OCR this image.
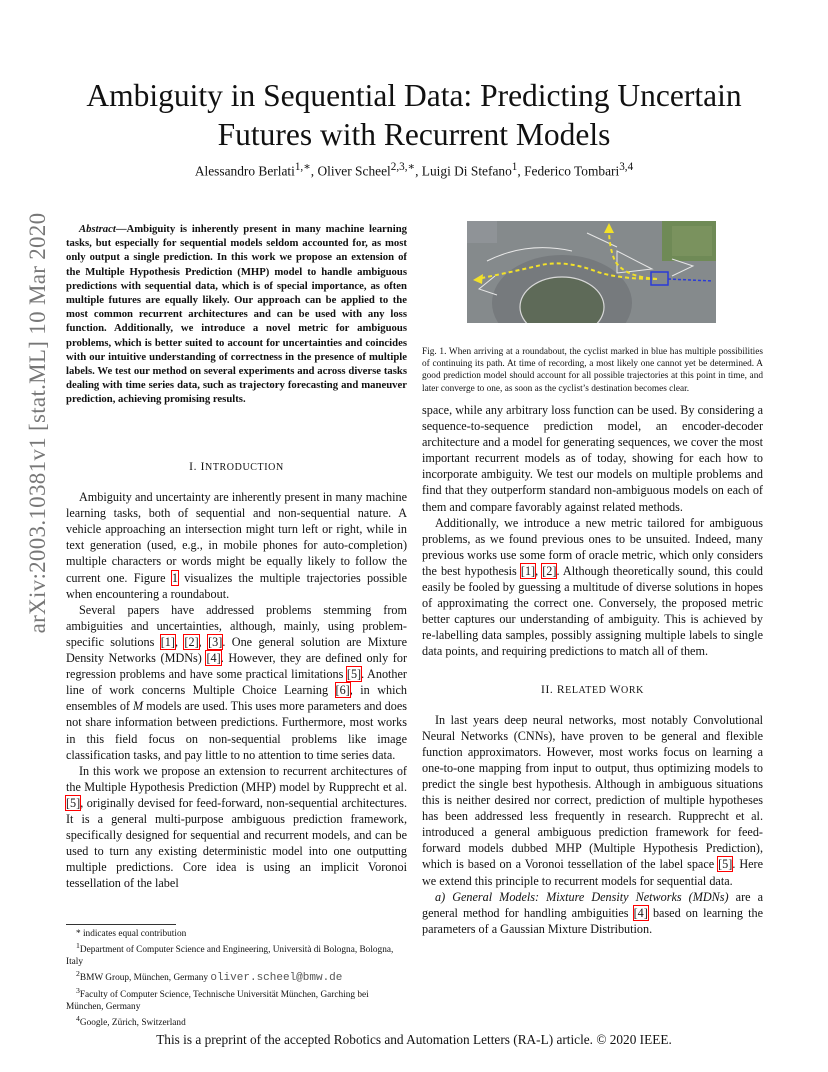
arXiv:2003.10381v1 [stat.ML] 10 Mar 2020
Ambiguity in Sequential Data: Predicting Uncertain Futures with Recurrent Models
Alessandro Berlati$^{1,∗}$, Oliver Scheel$^{2,3,∗}$, Luigi Di Stefano$^1$, Federico Tombari$^{3,4}$

Abstract—Ambiguity is inherently present in many machine learning tasks, but especially for sequential models seldom accounted for, as most only output a single prediction. In this work we propose an extension of the Multiple Hypothesis Prediction (MHP) model to handle ambiguous predictions with sequential data, which is of special importance, as often multiple futures are equally likely. Our approach can be applied to the most common recurrent architectures and can be used with any loss function. Additionally, we introduce a novel metric for ambiguous problems, which is better suited to account for uncertainties and coincides with our intuitive understanding of correctness in the presence of multiple labels. We test our method on several experiments and across diverse tasks dealing with time series data, such as trajectory forecasting and maneuver prediction, achieving promising results.

I. INTRODUCTION

Ambiguity and uncertainty are inherently present in many machine learning tasks, both of sequential and non-sequential nature. A vehicle approaching an intersection might turn left or right, while in text generation (used, e.g., in mobile phones for auto-completion) multiple characters or words might be equally likely to follow the current one. Figure 1 visualizes the multiple trajectories possible when encountering a roundabout.

Several papers have addressed problems stemming from ambiguities and uncertainties, although, mainly, using problem-specific solutions [1], [2], [3]. One general solution are Mixture Density Networks (MDNs) [4]. However, they are defined only for regression problems and have some practical limitations [5]. Another line of work concerns Multiple Choice Learning [6], in which ensembles of M models are used. This uses more parameters and does not share information between predictions. Furthermore, most works in this field focus on non-sequential problems like image classification tasks, and pay little to no attention to time series data.

In this work we propose an extension to recurrent architectures of the Multiple Hypothesis Prediction (MHP) model by Rupprecht et al. [5], originally devised for feed-forward, non-sequential architectures. It is a general multi-purpose ambiguous prediction framework, specifically designed for sequential and recurrent models, and can be used to turn any existing deterministic model into one outputting multiple predictions. Core idea is using an implicit Voronoi tessellation of the label

* indicates equal contribution
$^1$Department of Computer Science and Engineering, Università di Bologna, Bologna, Italy
$^2$BMW Group, München, Germany oliver.scheel@bmw.de
$^3$Faculty of Computer Science, Technische Universität München, Garching bei München, Germany
$^4$Google, Zürich, Switzerland
Fig. 1. When arriving at a roundabout, the cyclist marked in blue has multiple possibilities of continuing its path. At time of recording, a most likely one cannot yet be determined. A good prediction model should account for all possible trajectories at this point in time, and later converge to one, as soon as the cyclist’s destination becomes clear.

space, while any arbitrary loss function can be used. By considering a sequence-to-sequence prediction model, an encoder-decoder architecture and a model for generating sequences, we cover the most important recurrent models as of today, showing for each how to incorporate ambiguity. We test our models on multiple problems and find that they outperform standard non-ambiguous models on each of them and compare favorably against related methods.

Additionally, we introduce a new metric tailored for ambiguous problems, as we found previous ones to be unsuited. Indeed, many previous works use some form of oracle metric, which only considers the best hypothesis [1], [2]. Although theoretically sound, this could easily be fooled by guessing a multitude of diverse solutions in hopes of approximating the correct one. Conversely, the proposed metric better captures our understanding of ambiguity. This is achieved by re-labelling data samples, possibly assigning multiple labels to single data points, and requiring predictions to match all of them.

II. RELATED WORK

In last years deep neural networks, most notably Convolutional Neural Networks (CNNs), have proven to be general and flexible function approximators. However, most works focus on learning a one-to-one mapping from input to output, thus optimizing models to predict the single best hypothesis. Although in ambiguous situations this is neither desired nor correct, prediction of multiple hypotheses has been addressed less frequently in research. Rupprecht et al. introduced a general ambiguous prediction framework for feed-forward models dubbed MHP (Multiple Hypothesis Prediction), which is based on a Voronoi tessellation of the label space [5]. Here we extend this principle to recurrent models for sequential data.

a) General Models: Mixture Density Networks (MDNs) are a general method for handling ambiguities [4] based on learning the parameters of a Gaussian Mixture Distribution.

This is a preprint of the accepted Robotics and Automation Letters (RA-L) article. © 2020 IEEE.
